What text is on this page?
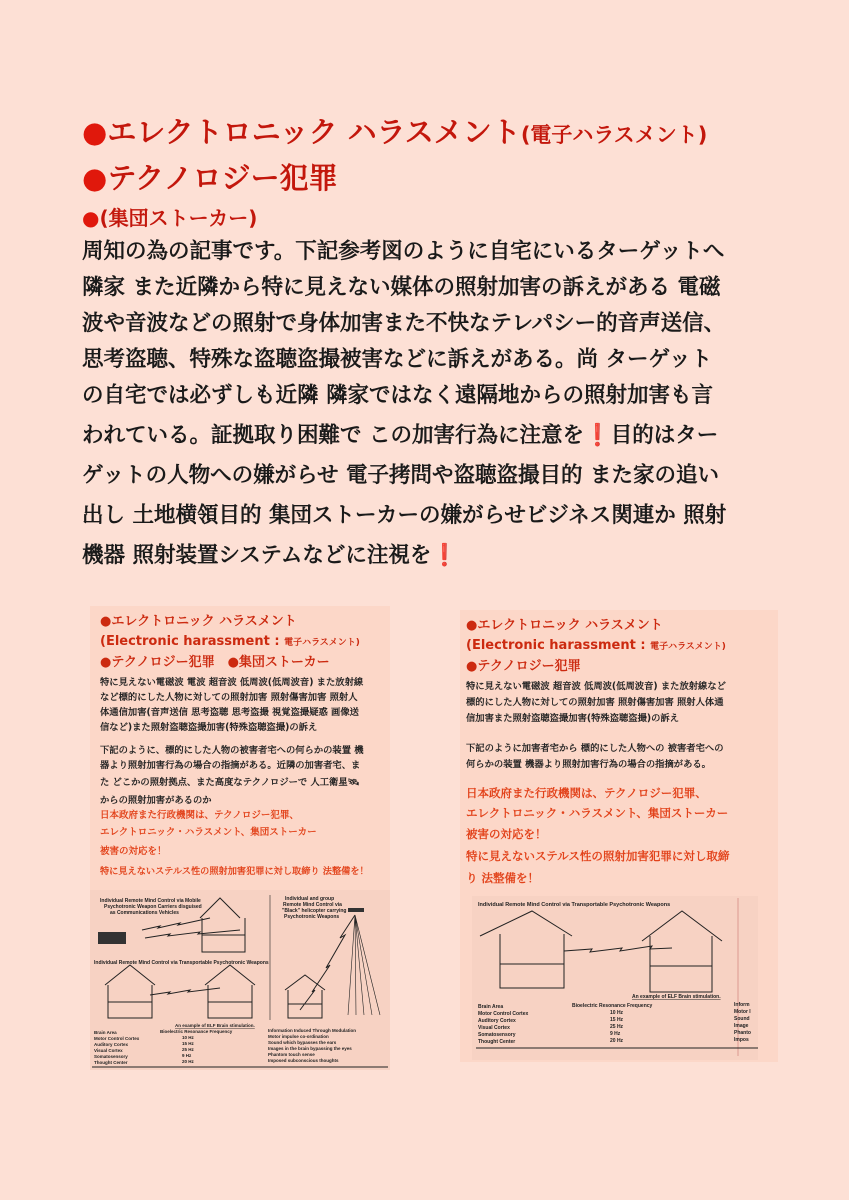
●エレクトロニック ハラスメント(電子ハラスメント)
●テクノロジー犯罪
●(集団ストーカー)
周知の為の記事です。下記参考図のように自宅にいるターゲットへ
隣家 また近隣から特に見えない媒体の照射加害の訴えがある 電磁
波や音波などの照射で身体加害また不快なテレパシー的音声送信、
思考盗聴、特殊な盗聴盗撮被害などに訴えがある。尚 ターゲット
の自宅では必ずしも近隣 隣家ではなく遠隔地からの照射加害も言
われている。証拠取り困難で この加害行為に注意を❗目的はター
ゲットの人物への嫌がらせ 電子拷問や盗聴盗撮目的 また家の追い
出し 土地横領目的 集団ストーカーの嫌がらせビジネス関連か 照射
機器 照射装置システムなどに注視を❗
●エレクトロニック ハラスメント
(Electronic harassment : 電子ハラスメント)
●テクノロジー犯罪　●集団ストーカー
特に見えない電磁波 電波 超音波 低周波(低周波音) また放射線
など標的にした人物に対しての照射加害 照射傷害加害 照射人
体通信加害(音声送信 思考盗聴 思考盗撮 視覚盗撮疑惑 画像送
信など)また照射盗聴盗撮加害(特殊盗聴盗撮)の訴え
下記のように、標的にした人物の被害者宅への何らかの装置 機
器より照射加害行為の場合の指摘がある。近隣の加害者宅、ま
た どこかの照射拠点、また高度なテクノロジーで 人工衛星🛰
からの照射加害があるのか
日本政府また行政機関は、テクノロジー犯罪、
エレクトロニック・ハラスメント、集団ストーカー
被害の対応を！
特に見えないステルス性の照射加害犯罪に対し取締り 法整備を！
Individual Remote Mind Control via Mobile
Psychotronic Weapon Carriers disguised
as Communications Vehicles
Individual and group
Remote Mind Control via
"Black" helicopter carrying
Psychotronic Weapons
Individual Remote Mind Control via Transportable Psychotronic Weapons
An example of ELF Brain stimulation.
Brain Area	Bioelectric Resonance Frequency	Information Induced Through Modulation
Motor Control Cortex	10 Hz	Motor impulse co-ordination
Auditory Cortex	15 Hz	Sound which bypasses the ears
Visual Cortex	25 Hz	Images in the brain bypassing the eyes
Somatosensory	9 Hz	Phantom touch sense
Thought Center	20 Hz	Imposed subconscious thoughts
●エレクトロニック ハラスメント
(Electronic harassment : 電子ハラスメント)
●テクノロジー犯罪
特に見えない電磁波 超音波 低周波(低周波音) また放射線など
標的にした人物に対しての照射加害 照射傷害加害 照射人体通
信加害また照射盗聴盗撮加害(特殊盗聴盗撮)の訴え
下記のように加害者宅から 標的にした人物への 被害者宅への
何らかの装置 機器より照射加害行為の場合の指摘がある。
日本政府また行政機関は、テクノロジー犯罪、
エレクトロニック・ハラスメント、集団ストーカー
被害の対応を！
特に見えないステルス性の照射加害犯罪に対し取締
り 法整備を！
Individual Remote Mind Control via Transportable Psychotronic Weapons
An example of ELF Brain stimulation.
Brain Area	Bioelectric Resonance Frequency	Inform
Motor Control Cortex	10 Hz	Motor I
Auditory Cortex	15 Hz	Sound
Visual Cortex	25 Hz	Image
Somatosensory	9 Hz	Phanto
Thought Center	20 Hz	Impos
